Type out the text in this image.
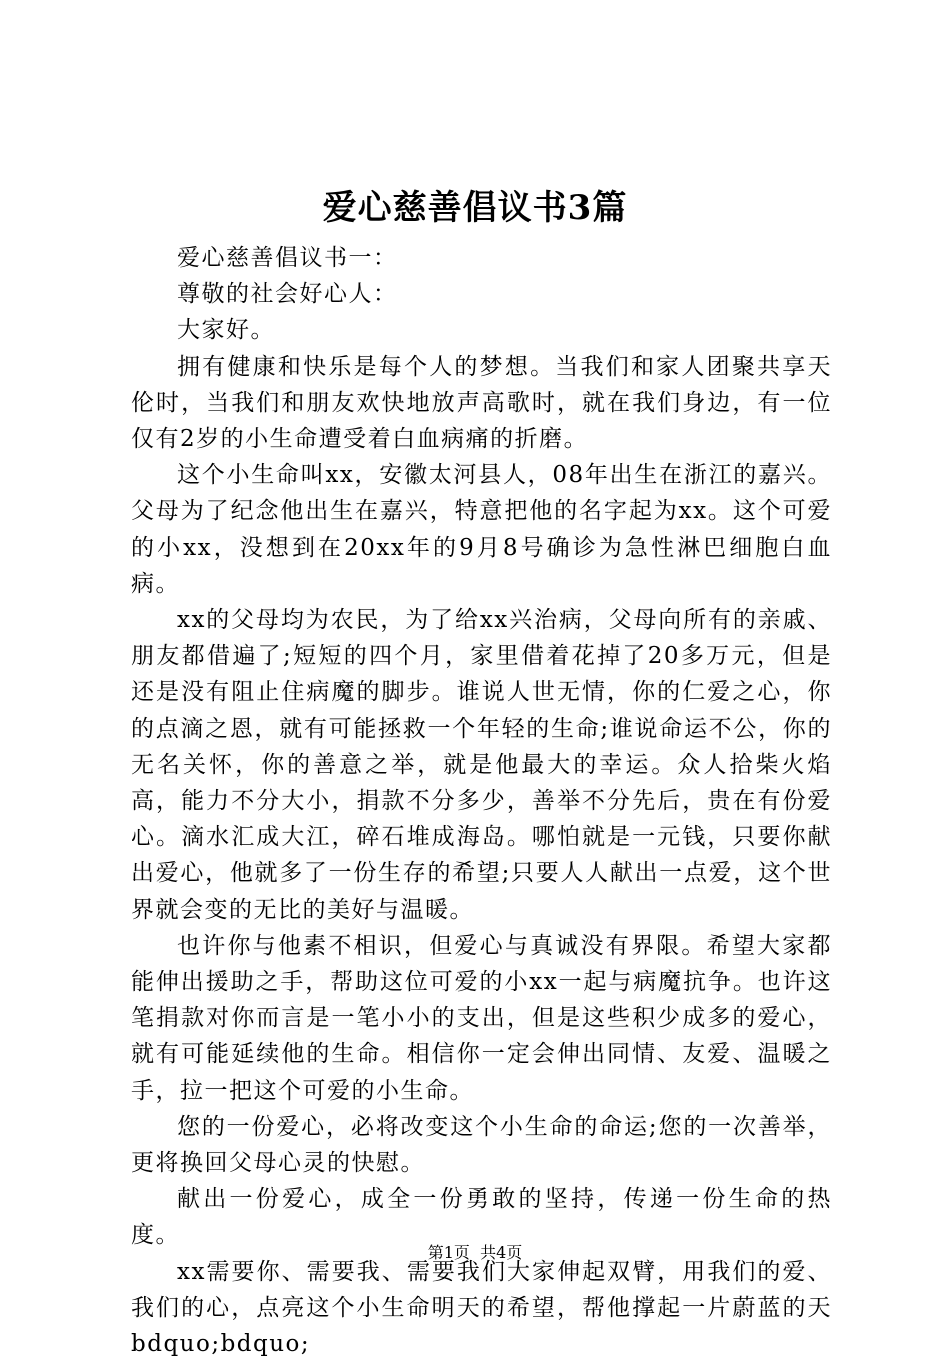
爱心慈善倡议书3篇

爱心慈善倡议书一：

尊敬的社会好心人：

大家好。

拥有健康和快乐是每个人的梦想。当我们和家人团聚共享天伦时，当我们和朋友欢快地放声高歌时，就在我们身边，有一位仅有2岁的小生命遭受着白血病痛的折磨。

这个小生命叫xx，安徽太河县人，08年出生在浙江的嘉兴。父母为了纪念他出生在嘉兴，特意把他的名字起为xx。这个可爱的小xx，没想到在20xx年的9月8号确诊为急性淋巴细胞白血病。

xx的父母均为农民，为了给xx兴治病，父母向所有的亲戚、朋友都借遍了;短短的四个月，家里借着花掉了20多万元，但是还是没有阻止住病魔的脚步。谁说人世无情，你的仁爱之心，你的点滴之恩，就有可能拯救一个年轻的生命;谁说命运不公，你的无名关怀，你的善意之举，就是他最大的幸运。众人拾柴火焰高，能力不分大小，捐款不分多少，善举不分先后，贵在有份爱心。滴水汇成大江，碎石堆成海岛。哪怕就是一元钱，只要你献出爱心，他就多了一份生存的希望;只要人人献出一点爱，这个世界就会变的无比的美好与温暖。

也许你与他素不相识，但爱心与真诚没有界限。希望大家都能伸出援助之手，帮助这位可爱的小xx一起与病魔抗争。也许这笔捐款对你而言是一笔小小的支出，但是这些积少成多的爱心，就有可能延续他的生命。相信你一定会伸出同情、友爱、温暖之手，拉一把这个可爱的小生命。

您的一份爱心，必将改变这个小生命的命运;您的一次善举，更将换回父母心灵的快慰。

献出一份爱心，成全一份勇敢的坚持，传递一份生命的热度。

xx需要你、需要我、需要我们大家伸起双臂，用我们的爱、我们的心，点亮这个小生命明天的希望，帮他撑起一片蔚蓝的天bdquo;bdquo;

第1页  共4页
